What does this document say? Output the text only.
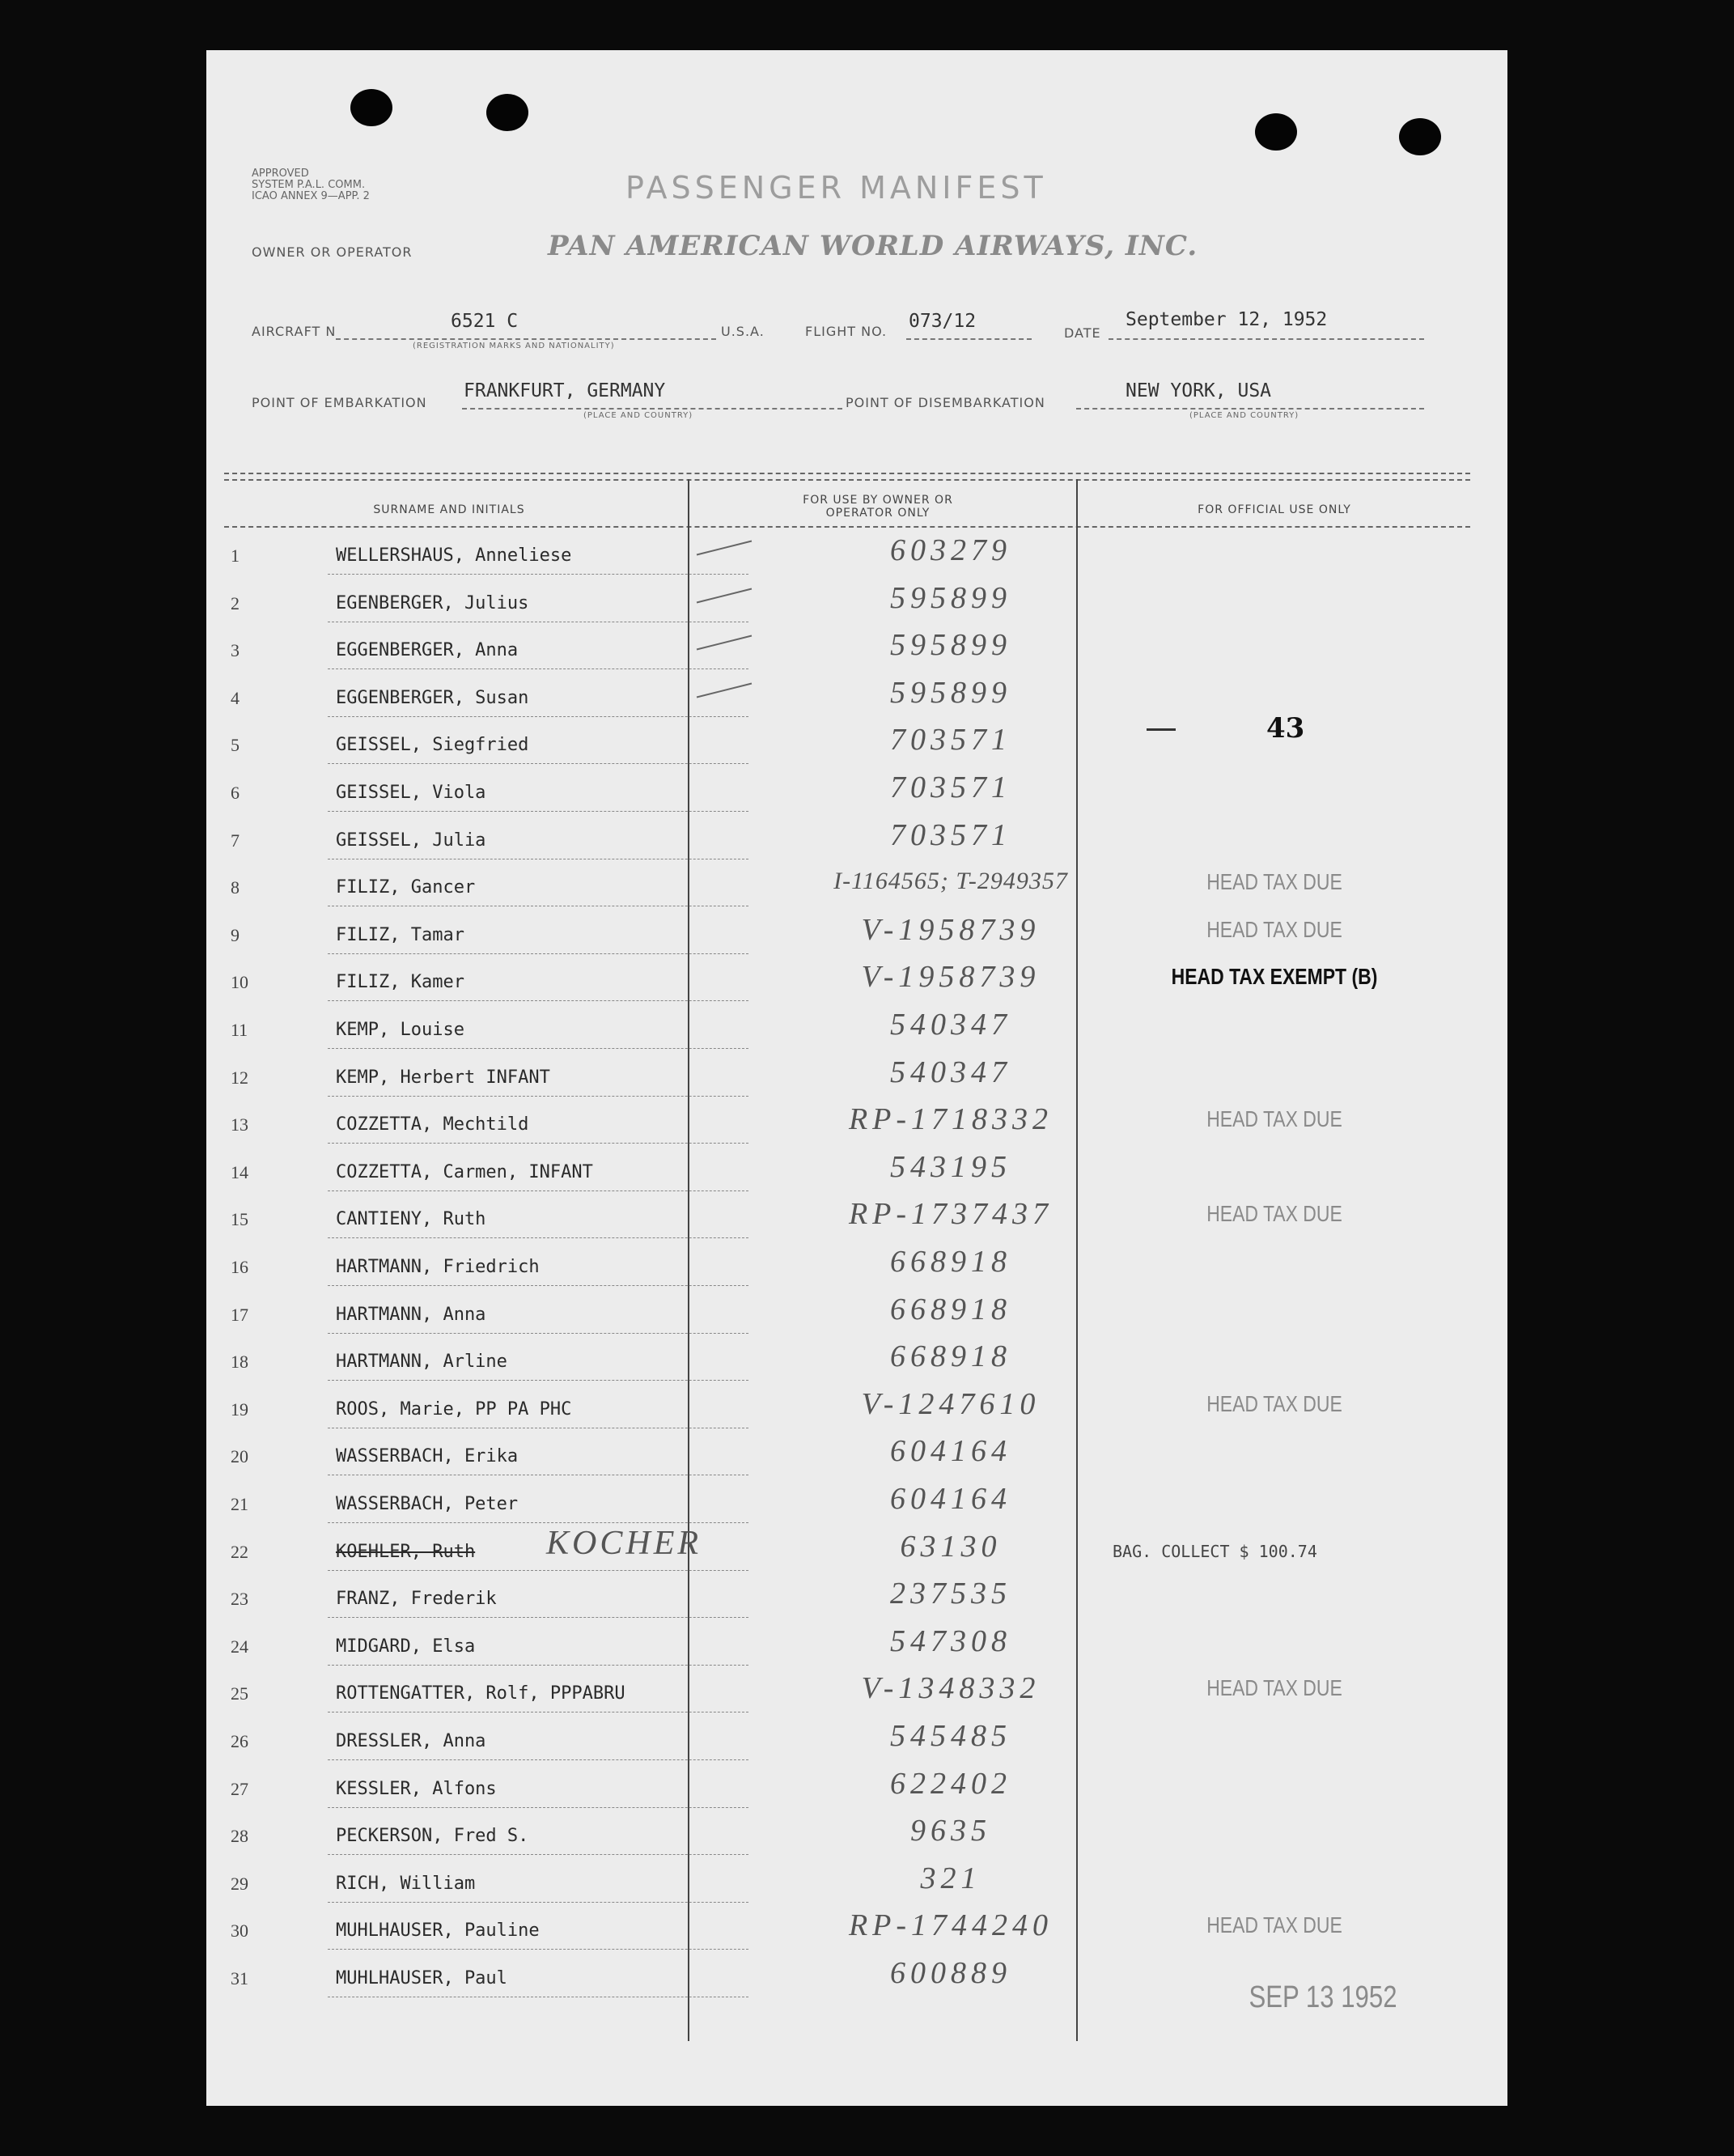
APPROVED
SYSTEM P.A.L. COMM.
ICAO ANNEX 9—APP. 2	PASSENGER MANIFEST
OWNER OR OPERATOR	PAN AMERICAN WORLD AIRWAYS, INC.
AIRCRAFT N	6521 C
(REGISTRATION MARKS AND NATIONALITY)
U.S.A.	FLIGHT NO. 073/12
DATE
September 12, 1952
POINT OF EMBARKATION
FRANKFURT, GERMANY
(PLACE AND COUNTRY)
POINT OF DISEMBARKATION
NEW YORK, USA
(PLACE AND COUNTRY)
SURNAME AND INITIALS
FOR USE BY OWNER OR OPERATOR ONLY	FOR OFFICIAL USE ONLY
43
1	WELLERSHAUS, Anneliese	603279
2	EGENBERGER, Julius	595899
3	EGGENBERGER, Anna	595899
4	EGGENBERGER, Susan	595899
5	GEISSEL, Siegfried	703571
6	GEISSEL, Viola	703571
7	GEISSEL, Julia	703571
8	FILIZ, Gancer	I-1164565; T-2949357	HEAD TAX DUE
9	FILIZ, Tamar	V-1958739	HEAD TAX DUE
10	FILIZ, Kamer	V-1958739	HEAD TAX EXEMPT (B)
11	KEMP, Louise	540347
12	KEMP, Herbert INFANT	540347
13	COZZETTA, Mechtild	RP-1718332	HEAD TAX DUE
14	COZZETTA, Carmen, INFANT	543195
15	CANTIENY, Ruth	RP-1737437	HEAD TAX DUE
16	HARTMANN, Friedrich	668918
17	HARTMANN, Anna	668918
18	HARTMANN, Arline	668918
19	ROOS, Marie, PP PA PHC	V-1247610	HEAD TAX DUE
20	WASSERBACH, Erika	604164
21	WASSERBACH, Peter	604164
22	KOEHLER, Ruth KOCHER	63130	BAG. COLLECT $ 100.74
23	FRANZ, Frederik	237535
24	MIDGARD, Elsa	547308
25	ROTTENGATTER, Rolf, PPPABRU	V-1348332	HEAD TAX DUE
26	DRESSLER, Anna	545485
27	KESSLER, Alfons	622402
28	PECKERSON, Fred S.	9635
29	RICH, William	321
30	MUHLHAUSER, Pauline	RP-1744240	HEAD TAX DUE
31	MUHLHAUSER, Paul	600889
SEP 13 1952
